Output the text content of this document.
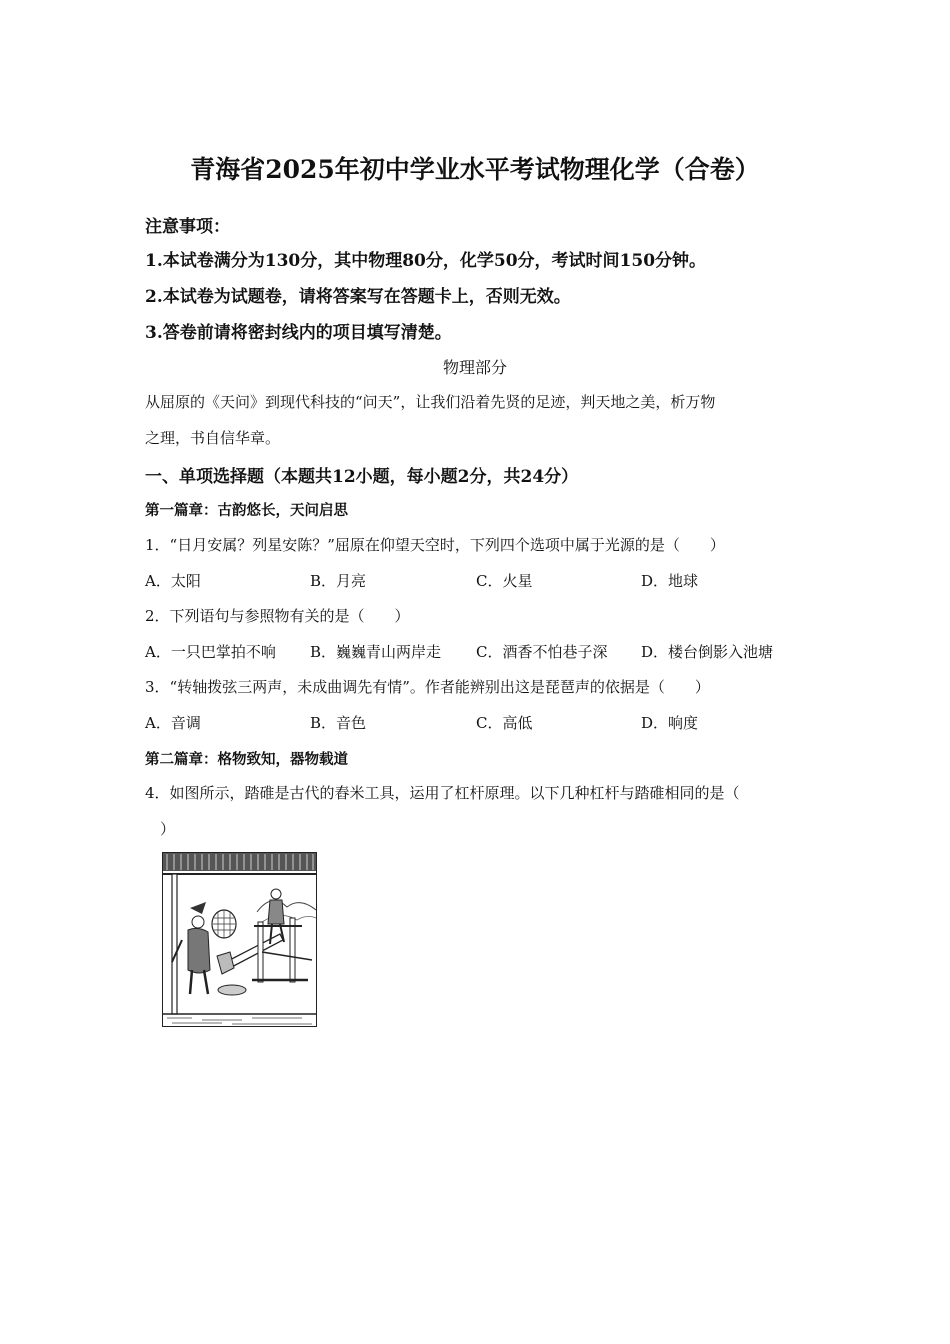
青海省2025年初中学业水平考试物理化学（合卷）
注意事项：
1.本试卷满分为130分，其中物理80分，化学50分，考试时间150分钟。
2.本试卷为试题卷，请将答案写在答题卡上，否则无效。
3.答卷前请将密封线内的项目填写清楚。
物理部分
从屈原的《天问》到现代科技的“问天”，让我们沿着先贤的足迹，判天地之美，析万物
之理，书自信华章。
一、单项选择题（本题共12小题，每小题2分，共24分）
第一篇章：古韵悠长，天问启思
1．“日月安属？列星安陈？”屈原在仰望天空时，下列四个选项中属于光源的是（　　）
A．太阳	B．月亮	C．火星	D．地球
2．下列语句与参照物有关的是（　　）
A．一只巴掌拍不响 B．巍巍青山两岸走 C．酒香不怕巷子深 D．楼台倒影入池塘
3．“转轴拨弦三两声，未成曲调先有情”。作者能辨别出这是琵琶声的依据是（　　）
A．音调	B．音色	C．高低	D．响度
第二篇章：格物致知，器物载道
4．如图所示，踏碓是古代的舂米工具，运用了杠杆原理。以下几种杠杆与踏碓相同的是（
）
